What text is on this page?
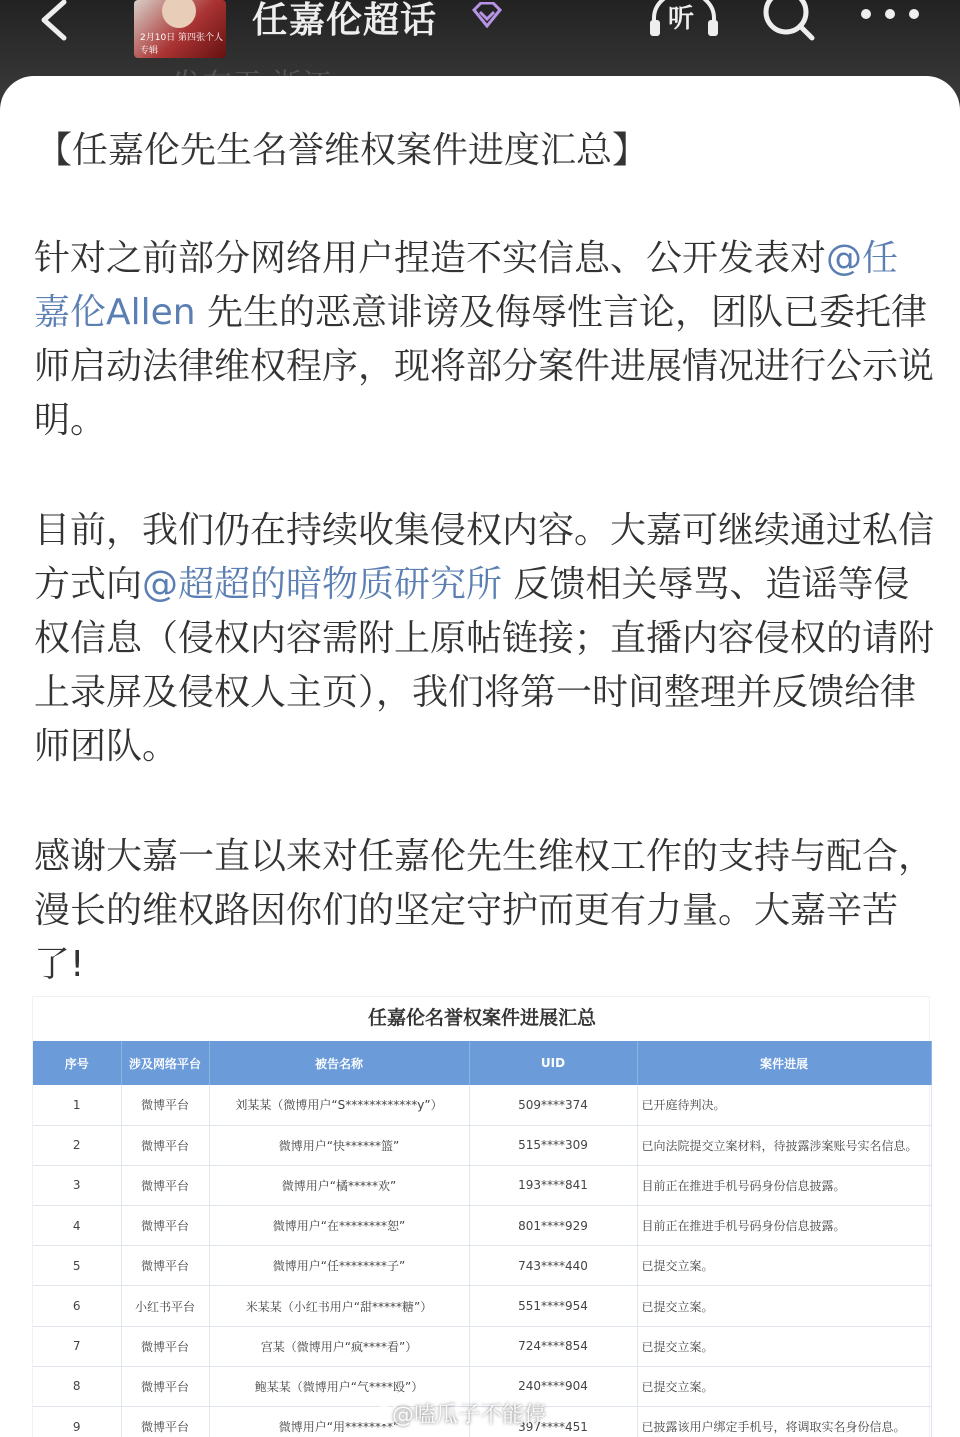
2月10日 第四张个人专辑
任嘉伦超话	听
【任嘉伦先生名誉维权案件进度汇总】
针对之前部分网络用户捏造不实信息、公开发表对@任嘉伦Allen 先生的恶意诽谤及侮辱性言论，团队已委托律师启动法律维权程序，现将部分案件进展情况进行公示说明。
目前，我们仍在持续收集侵权内容。大嘉可继续通过私信方式向@超超的暗物质研究所 反馈相关辱骂、造谣等侵权信息（侵权内容需附上原帖链接；直播内容侵权的请附上录屏及侵权人主页），我们将第一时间整理并反馈给律师团队。
感谢大嘉一直以来对任嘉伦先生维权工作的支持与配合，漫长的维权路因你们的坚定守护而更有力量。大嘉辛苦了!
任嘉伦名誉权案件进展汇总
序号	涉及网络平台	被告名称	UID	案件进展
1	微博平台	刘某某（微博用户“S************y”）	509****374	已开庭待判决。
2	微博平台	微博用户“快******篮”	515****309	已向法院提交立案材料，待披露涉案账号实名信息。
3	微博平台	微博用户“橘*****欢”	193****841	目前正在推进手机号码身份信息披露。
4	微博平台	微博用户“在********恕”	801****929	目前正在推进手机号码身份信息披露。
5	微博平台	微博用户“任********子”	743****440	已提交立案。
6	小红书平台	米某某（小红书用户“甜*****糖”）	551****954	已提交立案。
7	微博平台	宫某（微博用户“疯****看”）	724****854	已提交立案。
8	微博平台	鲍某某（微博用户“气****殴”）	240****904	已提交立案。
9	微博平台	微博用户“用********”	397****451	已披露该用户绑定手机号，将调取实名身份信息。
@嗑瓜子不能停
